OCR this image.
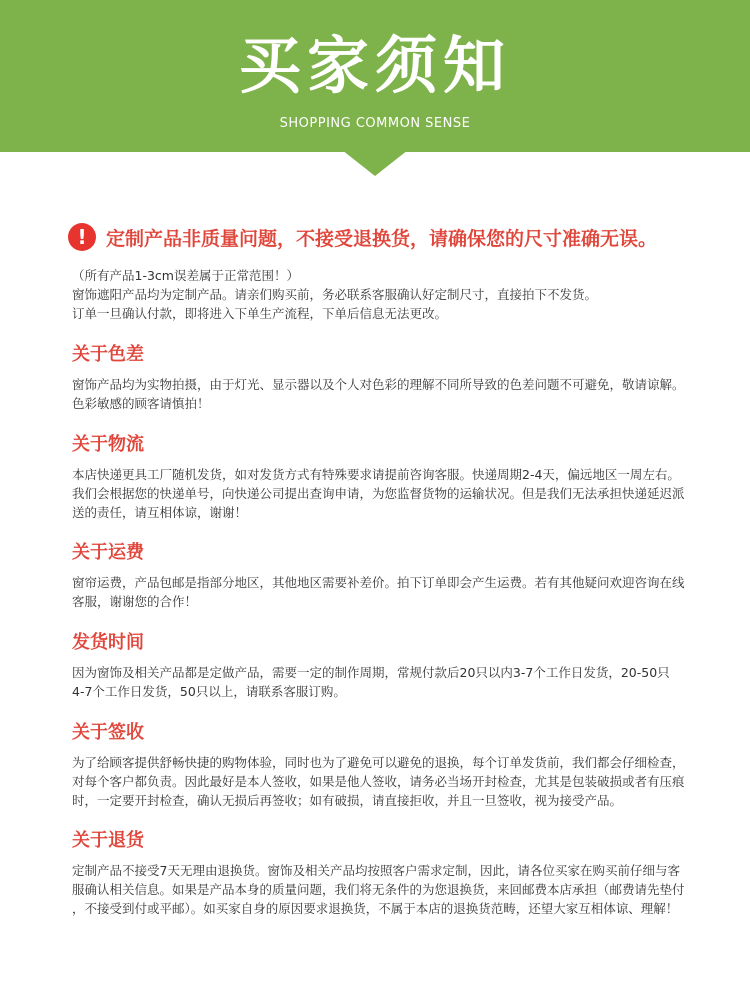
买家须知
SHOPPING COMMON SENSE
!	定制产品非质量问题，不接受退换货，请确保您的尺寸准确无误。

（所有产品1-3cm误差属于正常范围！）

窗饰遮阳产品均为定制产品。请亲们购买前，务必联系客服确认好定制尺寸，直接拍下不发货。

订单一旦确认付款，即将进入下单生产流程，下单后信息无法更改。

关于色差

窗饰产品均为实物拍摄，由于灯光、显示器以及个人对色彩的理解不同所导致的色差问题不可避免，敬请谅解。

色彩敏感的顾客请慎拍！

关于物流

本店快递更具工厂随机发货，如对发货方式有特殊要求请提前咨询客服。快递周期2-4天，偏远地区一周左右。

我们会根据您的快递单号，向快递公司提出查询申请，为您监督货物的运输状况。但是我们无法承担快递延迟派

送的责任，请互相体谅，谢谢！

关于运费

窗帘运费，产品包邮是指部分地区，其他地区需要补差价。拍下订单即会产生运费。若有其他疑问欢迎咨询在线

客服，谢谢您的合作！

发货时间

因为窗饰及相关产品都是定做产品，需要一定的制作周期，常规付款后20只以内3-7个工作日发货，20-50只

4-7个工作日发货，50只以上，请联系客服订购。

关于签收

为了给顾客提供舒畅快捷的购物体验，同时也为了避免可以避免的退换，每个订单发货前，我们都会仔细检查，

对每个客户都负责。因此最好是本人签收，如果是他人签收，请务必当场开封检查，尤其是包装破损或者有压痕

时，一定要开封检查，确认无损后再签收；如有破损，请直接拒收，并且一旦签收，视为接受产品。

关于退货

定制产品不接受7天无理由退换货。窗饰及相关产品均按照客户需求定制，因此，请各位买家在购买前仔细与客

服确认相关信息。如果是产品本身的质量问题，我们将无条件的为您退换货，来回邮费本店承担（邮费请先垫付

，不接受到付或平邮）。如买家自身的原因要求退换货，不属于本店的退换货范畴，还望大家互相体谅、理解！
